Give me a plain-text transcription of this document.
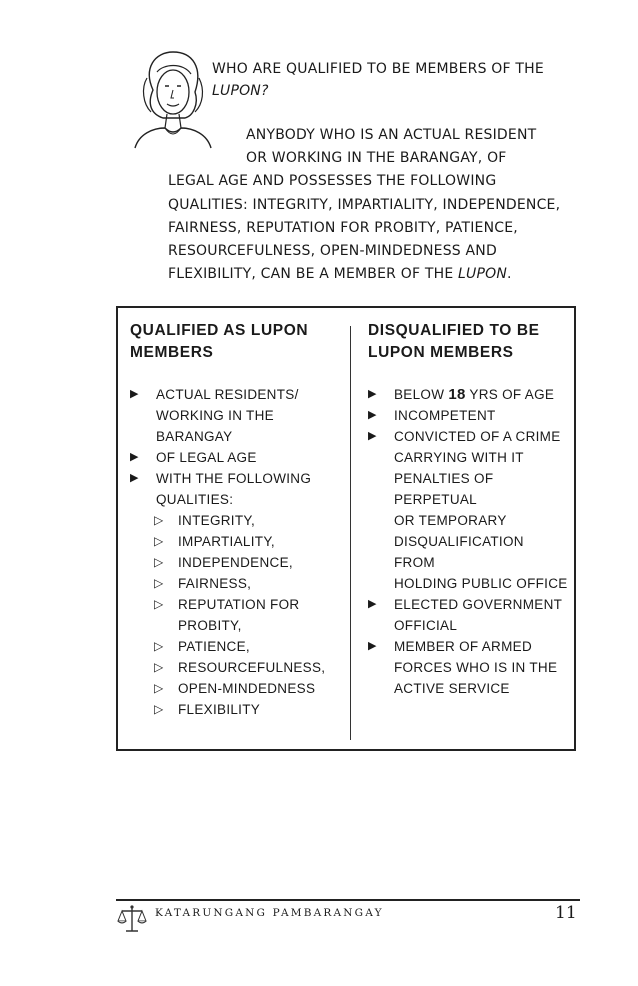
WHO ARE QUALIFIED TO BE MEMBERS OF THE
LUPON?
ANYBODY WHO IS AN ACTUAL RESIDENT
OR WORKING IN THE BARANGAY, OF
LEGAL AGE AND POSSESSES THE FOLLOWING
QUALITIES: INTEGRITY, IMPARTIALITY, INDEPENDENCE,
FAIRNESS, REPUTATION FOR PROBITY, PATIENCE,
RESOURCEFULNESS, OPEN-MINDEDNESS AND
FLEXIBILITY, CAN BE A MEMBER OF THE LUPON.
QUALIFIED AS LUPON
MEMBERS
▶ ACTUAL RESIDENTS/
WORKING IN THE
BARANGAY
▶ OF LEGAL AGE
▶ WITH THE FOLLOWING
QUALITIES:
▷ INTEGRITY,
▷ IMPARTIALITY,
▷ INDEPENDENCE,
▷ FAIRNESS,
▷ REPUTATION FOR
PROBITY,
▷ PATIENCE,
▷ RESOURCEFULNESS,
▷ OPEN-MINDEDNESS
▷ FLEXIBILITY
DISQUALIFIED TO BE
LUPON MEMBERS
▶ BELOW 18 YRS OF AGE
▶ INCOMPETENT
▶ CONVICTED OF A CRIME
CARRYING WITH IT
PENALTIES OF PERPETUAL
OR TEMPORARY
DISQUALIFICATION FROM
HOLDING PUBLIC OFFICE
▶ ELECTED GOVERNMENT
OFFICIAL
▶ MEMBER OF ARMED
FORCES WHO IS IN THE
ACTIVE SERVICE
KATARUNGANG PAMBARANGAY	11
